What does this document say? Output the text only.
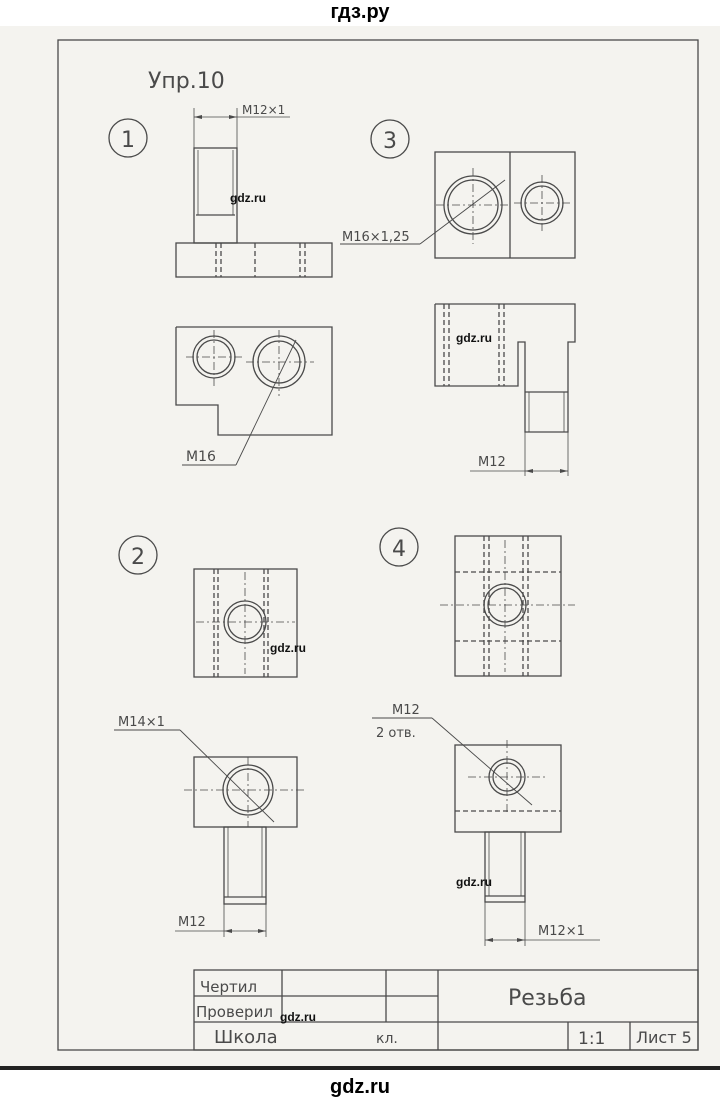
гдз.ру
Упр.10
1	3
2	4
M12×1
M16
M16×1,25
M12
M14×1
M12
M12
2 отв.
M12×1
Чертил
Проверил
Школа	кл.
Резьба
1:1 Лист 5
gdz.ru
gdz.ru
gdz.ru
gdz.ru
gdz.ru
gdz.ru
